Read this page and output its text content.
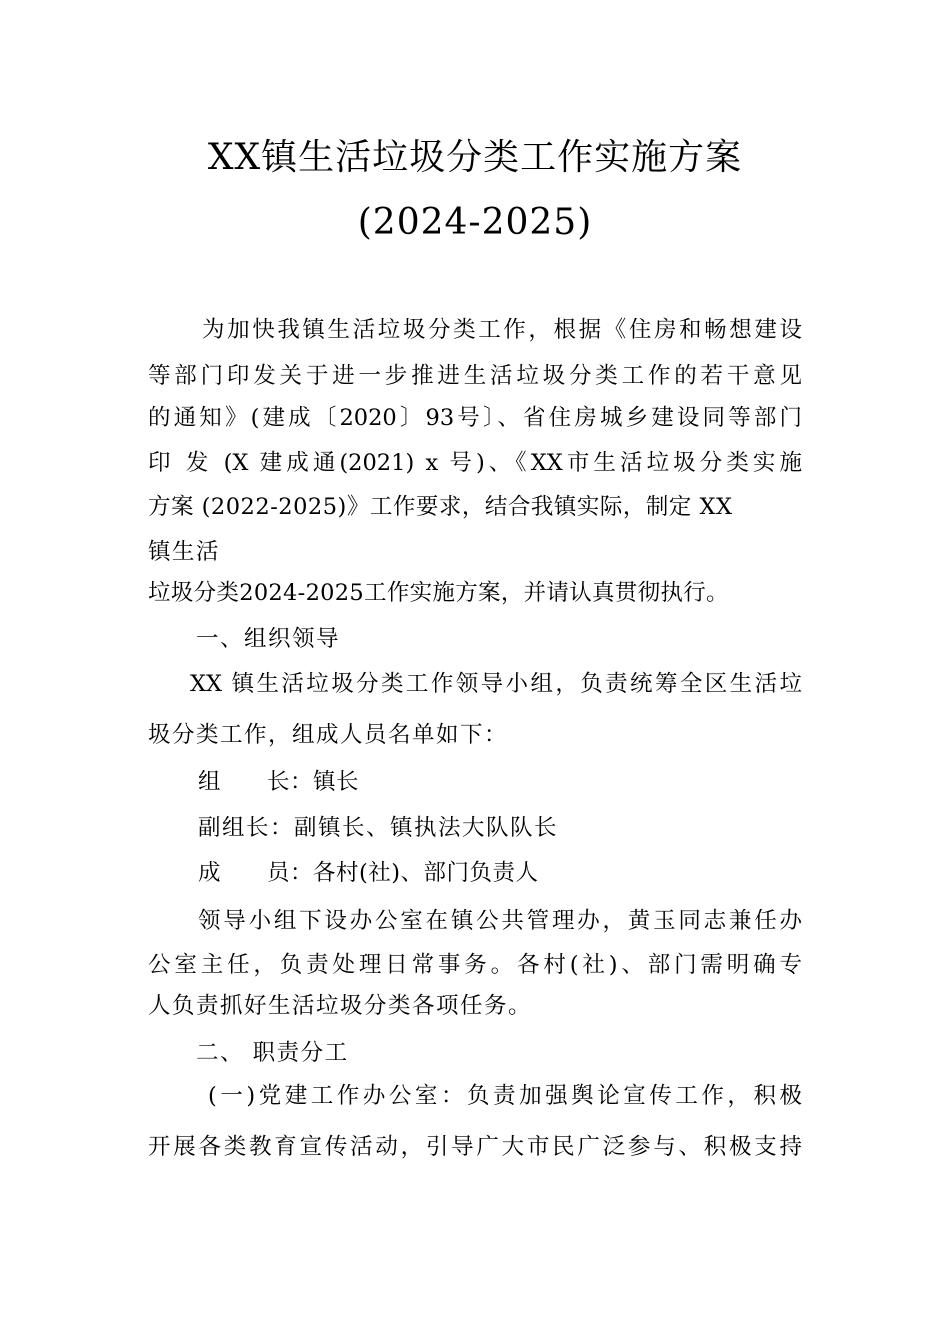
XX镇生活垃圾分类工作实施方案
(2024-2025)

为加快我镇生活垃圾分类工作，根据《住房和畅想建设

等部门印发关于进一步推进生活垃圾分类工作的若干意见

的通知》(建成〔2020〕93号〕、省住房城乡建设同等部门

印 发 (X 建成通(2021) x 号)、《XX市生活垃圾分类实施

方案 (2022-2025)》工作要求，结合我镇实际，制定 XX

镇生活

垃圾分类2024-2025工作实施方案，并请认真贯彻执行。

一、组织领导

XX 镇生活垃圾分类工作领导小组，负责统筹全区生活垃

圾分类工作，组成人员名单如下：

组　　长：镇长

副组长：副镇长、镇执法大队队长

成　　员：各村(社)、部门负责人

领导小组下设办公室在镇公共管理办，黄玉同志兼任办

公室主任，负责处理日常事务。各村(社)、部门需明确专

人负责抓好生活垃圾分类各项任务。

二、 职责分工

(一)党建工作办公室：负责加强舆论宣传工作，积极

开展各类教育宣传活动，引导广大市民广泛参与、积极支持
